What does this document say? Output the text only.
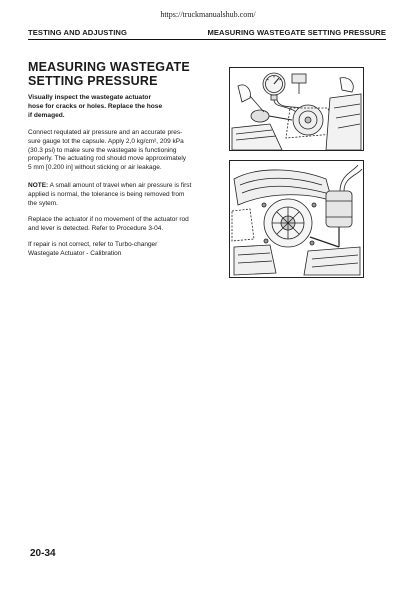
https://truckmanualshub.com/
TESTING AND ADJUSTING	MEASURING WASTEGATE SETTING PRESSURE
MEASURING WASTEGATE
SETTING PRESSURE
Visually inspect the wastegate actuator
hose for cracks or holes. Replace the hose
if demaged.
Connect requlated air pressure and an accurate pres-
sure gauge tot the capsule. Apply 2,0 kg/cm², 209 kPa
(30.3 psi) to make sure the wastegate is functioning
properly. The actuating rod should move approximately
5 mm [0.200 in] without sticking or air leakage.
NOTE: A small amount of travel when air pressure is first
applied is normal, the tolerance is being removed from
the sytem.
Replace the actuator if no movement of the actuator rod
and lever is detected. Refer to Procedure 3-04.
If repair is not correct, refer to Turbo-changer
Wastegate Actuator - Calibration
20-34
